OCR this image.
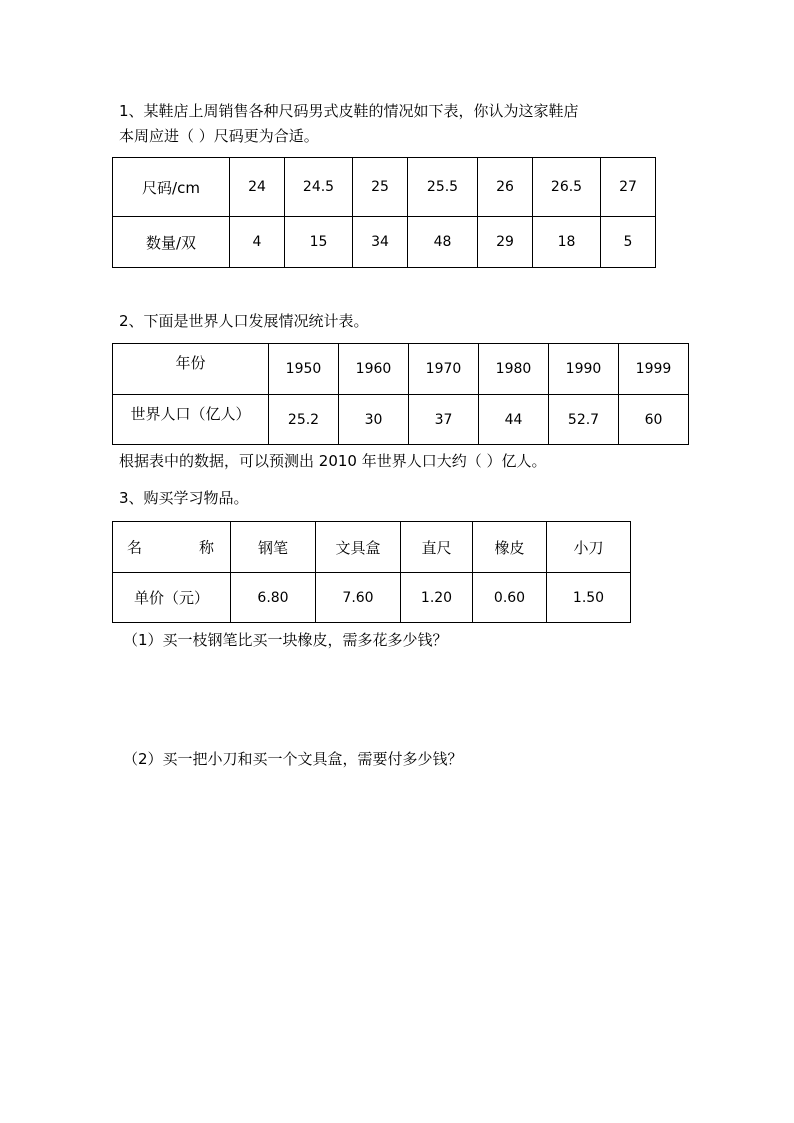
1、某鞋店上周销售各种尺码男式皮鞋的情况如下表，你认为这家鞋店
本周应进（ ）尺码更为合适。
尺码/cm	24	24.5	25	25.5	26	26.5	27
数量/双	4	15	34	48	29	18	5
2、下面是世界人口发展情况统计表。
年份	1950	1960	1970	1980	1990	1999
世界人口（亿人）	25.2	30	37	44	52.7	60
根据表中的数据，可以预测出 2010 年世界人口大约（ ）亿人。
3、购买学习物品。
名 称	钢笔	文具盒	直尺	橡皮	小刀
单价（元）	6.80	7.60	1.20	0.60	1.50
（1）买一枝钢笔比买一块橡皮，需多花多少钱？
（2）买一把小刀和买一个文具盒，需要付多少钱？
